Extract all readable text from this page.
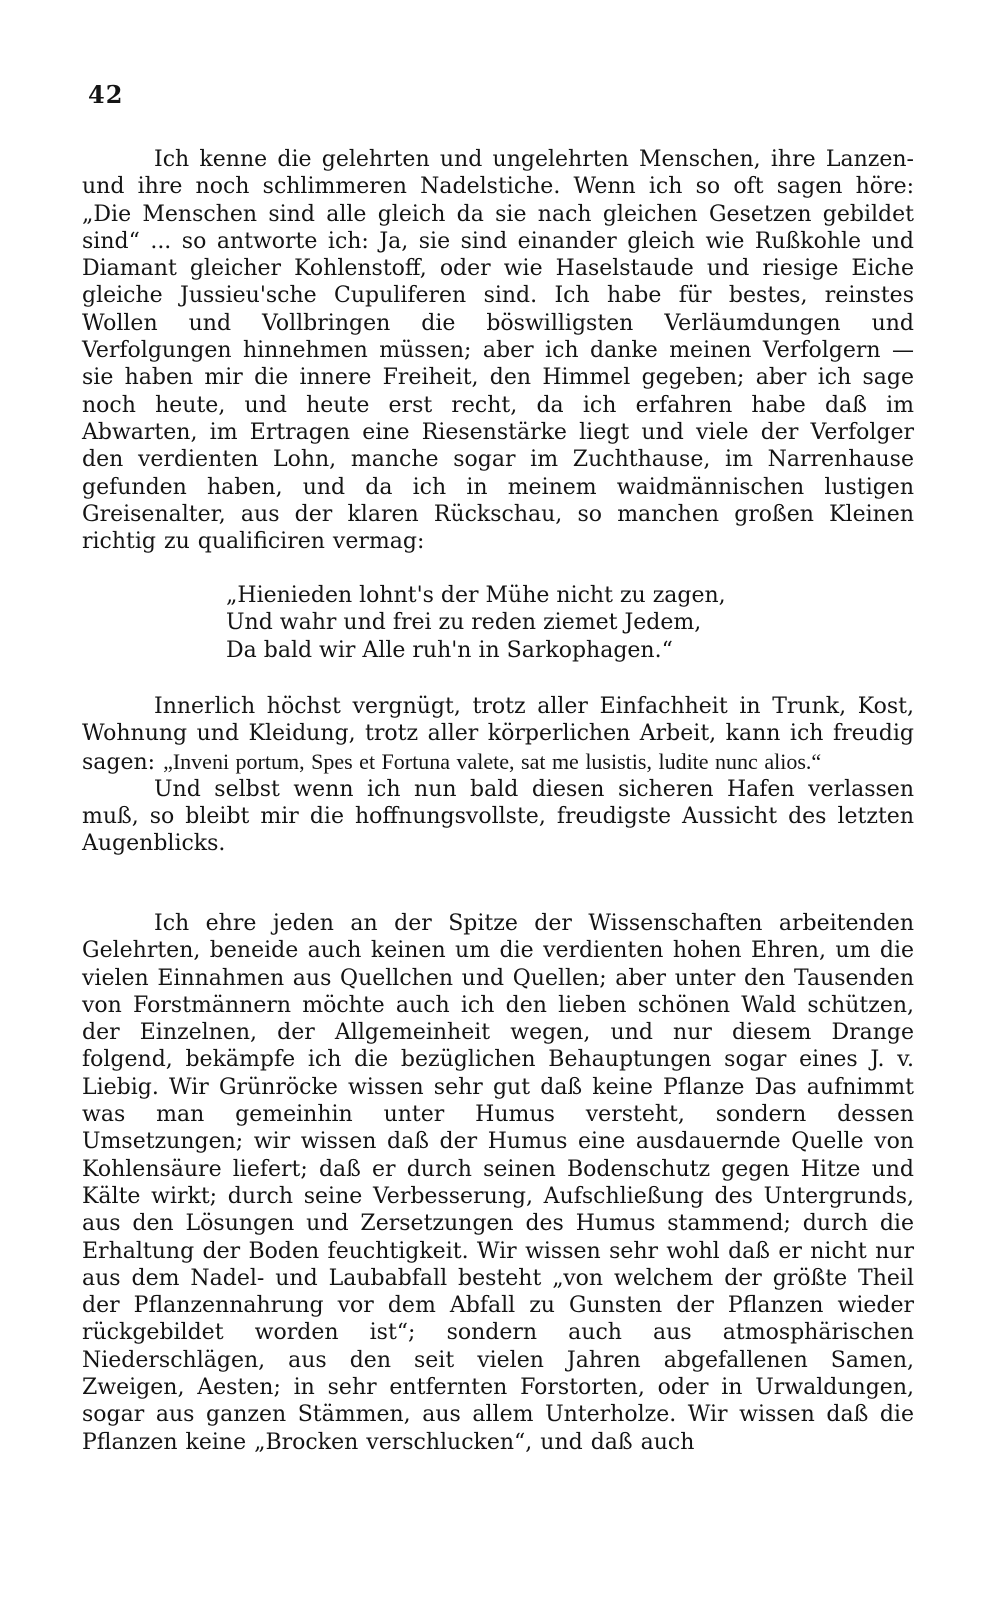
42

Ich kenne die gelehrten und ungelehrten Menschen, ihre Lanzen- und ihre noch schlimmeren Nadelstiche. Wenn ich so oft sagen höre: „Die Menschen sind alle gleich da sie nach gleichen Gesetzen gebildet sind“ ... so antworte ich: Ja, sie sind einander gleich wie Rußkohle und Diamant gleicher Kohlenstoff, oder wie Haselstaude und riesige Eiche gleiche Jussieu'sche Cupuliferen sind. Ich habe für bestes, reinstes Wollen und Vollbringen die böswilligsten Verläumdungen und Verfolgungen hinnehmen müssen; aber ich danke meinen Verfolgern — sie haben mir die innere Freiheit, den Himmel gegeben; aber ich sage noch heute, und heute erst recht, da ich erfahren habe daß im Abwarten, im Ertragen eine Riesenstärke liegt und viele der Verfolger den verdienten Lohn, manche sogar im Zuchthause, im Narrenhause gefunden haben, und da ich in meinem waidmännischen lustigen Greisenalter, aus der klaren Rückschau, so manchen großen Kleinen richtig zu qualificiren vermag:

„Hienieden lohnt's der Mühe nicht zu zagen,
Und wahr und frei zu reden ziemet Jedem,
Da bald wir Alle ruh'n in Sarkophagen.“

Innerlich höchst vergnügt, trotz aller Einfachheit in Trunk, Kost, Wohnung und Kleidung, trotz aller körperlichen Arbeit, kann ich freudig sagen: „Inveni portum, Spes et Fortuna valete, sat me lusistis, ludite nunc alios.“

Und selbst wenn ich nun bald diesen sicheren Hafen verlassen muß, so bleibt mir die hoffnungsvollste, freudigste Aussicht des letzten Augenblicks.

Ich ehre jeden an der Spitze der Wissenschaften arbeitenden Gelehrten, beneide auch keinen um die verdienten hohen Ehren, um die vielen Einnahmen aus Quellchen und Quellen; aber unter den Tausenden von Forstmännern möchte auch ich den lieben schönen Wald schützen, der Einzelnen, der Allgemeinheit wegen, und nur diesem Drange folgend, bekämpfe ich die bezüglichen Behauptungen sogar eines J. v. Liebig. Wir Grünröcke wissen sehr gut daß keine Pflanze Das aufnimmt was man gemeinhin unter Humus versteht, sondern dessen Umsetzungen; wir wissen daß der Humus eine ausdauernde Quelle von Kohlensäure liefert; daß er durch seinen Bodenschutz gegen Hitze und Kälte wirkt; durch seine Verbesserung, Aufschließung des Untergrunds, aus den Lösungen und Zersetzungen des Humus stammend; durch die Erhaltung der Boden feuchtigkeit. Wir wissen sehr wohl daß er nicht nur aus dem Nadel- und Laubabfall besteht „von welchem der größte Theil der Pflanzennahrung vor dem Abfall zu Gunsten der Pflanzen wieder rückgebildet worden ist“; sondern auch aus atmosphärischen Niederschlägen, aus den seit vielen Jahren abgefallenen Samen, Zweigen, Aesten; in sehr entfernten Forstorten, oder in Urwaldungen, sogar aus ganzen Stämmen, aus allem Unterholze. Wir wissen daß die Pflanzen keine „Brocken verschlucken“, und daß auch
